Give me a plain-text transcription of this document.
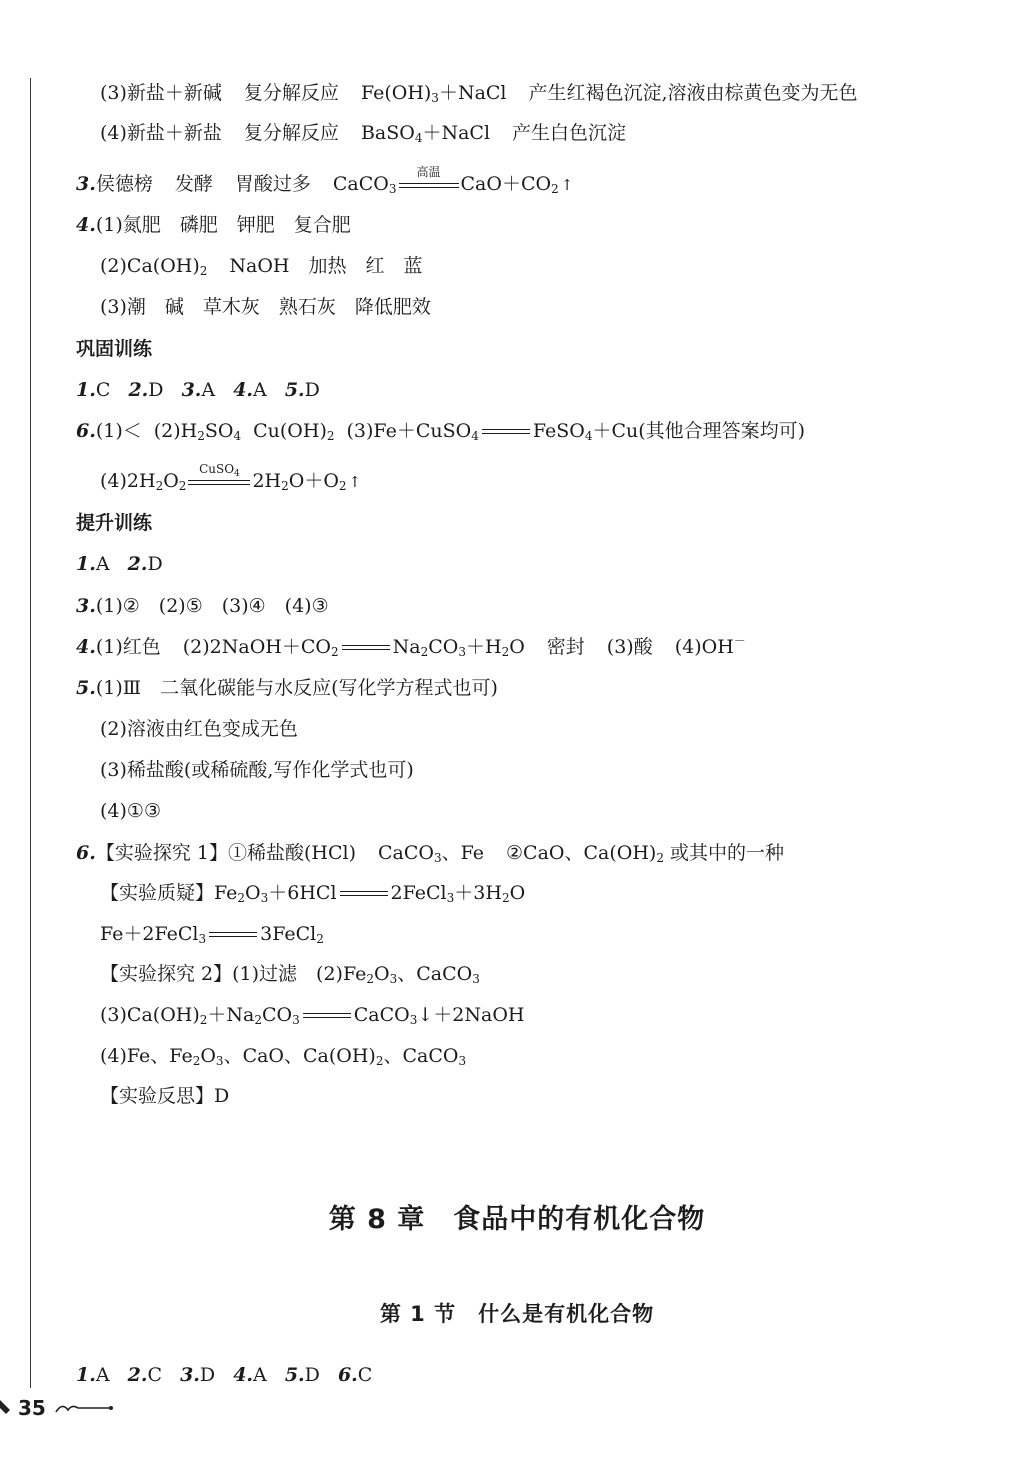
(3)新盐＋新碱 复分解反应 $Fe(OH)_3+NaCl$ 产生红褐色沉淀,溶液由棕黄色变为无色
(4)新盐＋新盐 复分解反应 BaSO$_4$＋NaCl 产生白色沉淀
3.侯德榜 发酵 胃酸过多 CaCO$_3$
高温
$CaO+CO_2$ ↑
4.(1)氮肥　磷肥　钾肥　复合肥
$(2)Ca(OH)_2$ NaOH　加热　红　蓝
(3)潮　碱　草木灰　熟石灰　降低肥效
巩固训练
1.C 2.D 3.A 4.A 5.D
$6.(1)< (2)H_2SO_4$ $Cu(OH)_2$ (3)Fe＋CuSO$_4$	FeSO$_4$＋Cu(其他合理答案均可)
$(4)2H_2O_2$
CuSO$_4$ $2H_2O+O_2$ ↑
提升训练
1.A 2.D
3.(1)②　(2)⑤　(3)④　(4)③
4.(1)红色 $(2)2NaOH+CO_2$	$Na_2CO_3+H_2O$ 密封 (3)酸 (4)OH－
5.(1)Ⅲ　二氧化碳能与水反应(写化学方程式也可)
(2)溶液由红色变成无色
(3)稀盐酸(或稀硫酸,写作化学式也可)
(4)①③
6.【实验探究 1】①稀盐酸(HCl) CaCO$_3$、Fe ②CaO、$Ca(OH)_2$ 或其中的一种
【实验质疑】$Fe_2O_3+6HCl$	$2FeCl_3+3H_2O$
Fe＋2FeCl$_3$	3FeCl$_2$
【实验探究 2】(1)过滤　$(2)Fe_2O_3$、CaCO$_3$
$(3)Ca(OH)_2+Na_2CO_3$	CaCO$_3$↓＋2NaOH
(4)Fe、$Fe_2O_3$、CaO、$Ca(OH)_2$、CaCO$_3$
【实验反思】D
第 8 章　食品中的有机化合物
第 1 节　什么是有机化合物
1.A 2.C 3.D 4.A 5.D 6.C
35
